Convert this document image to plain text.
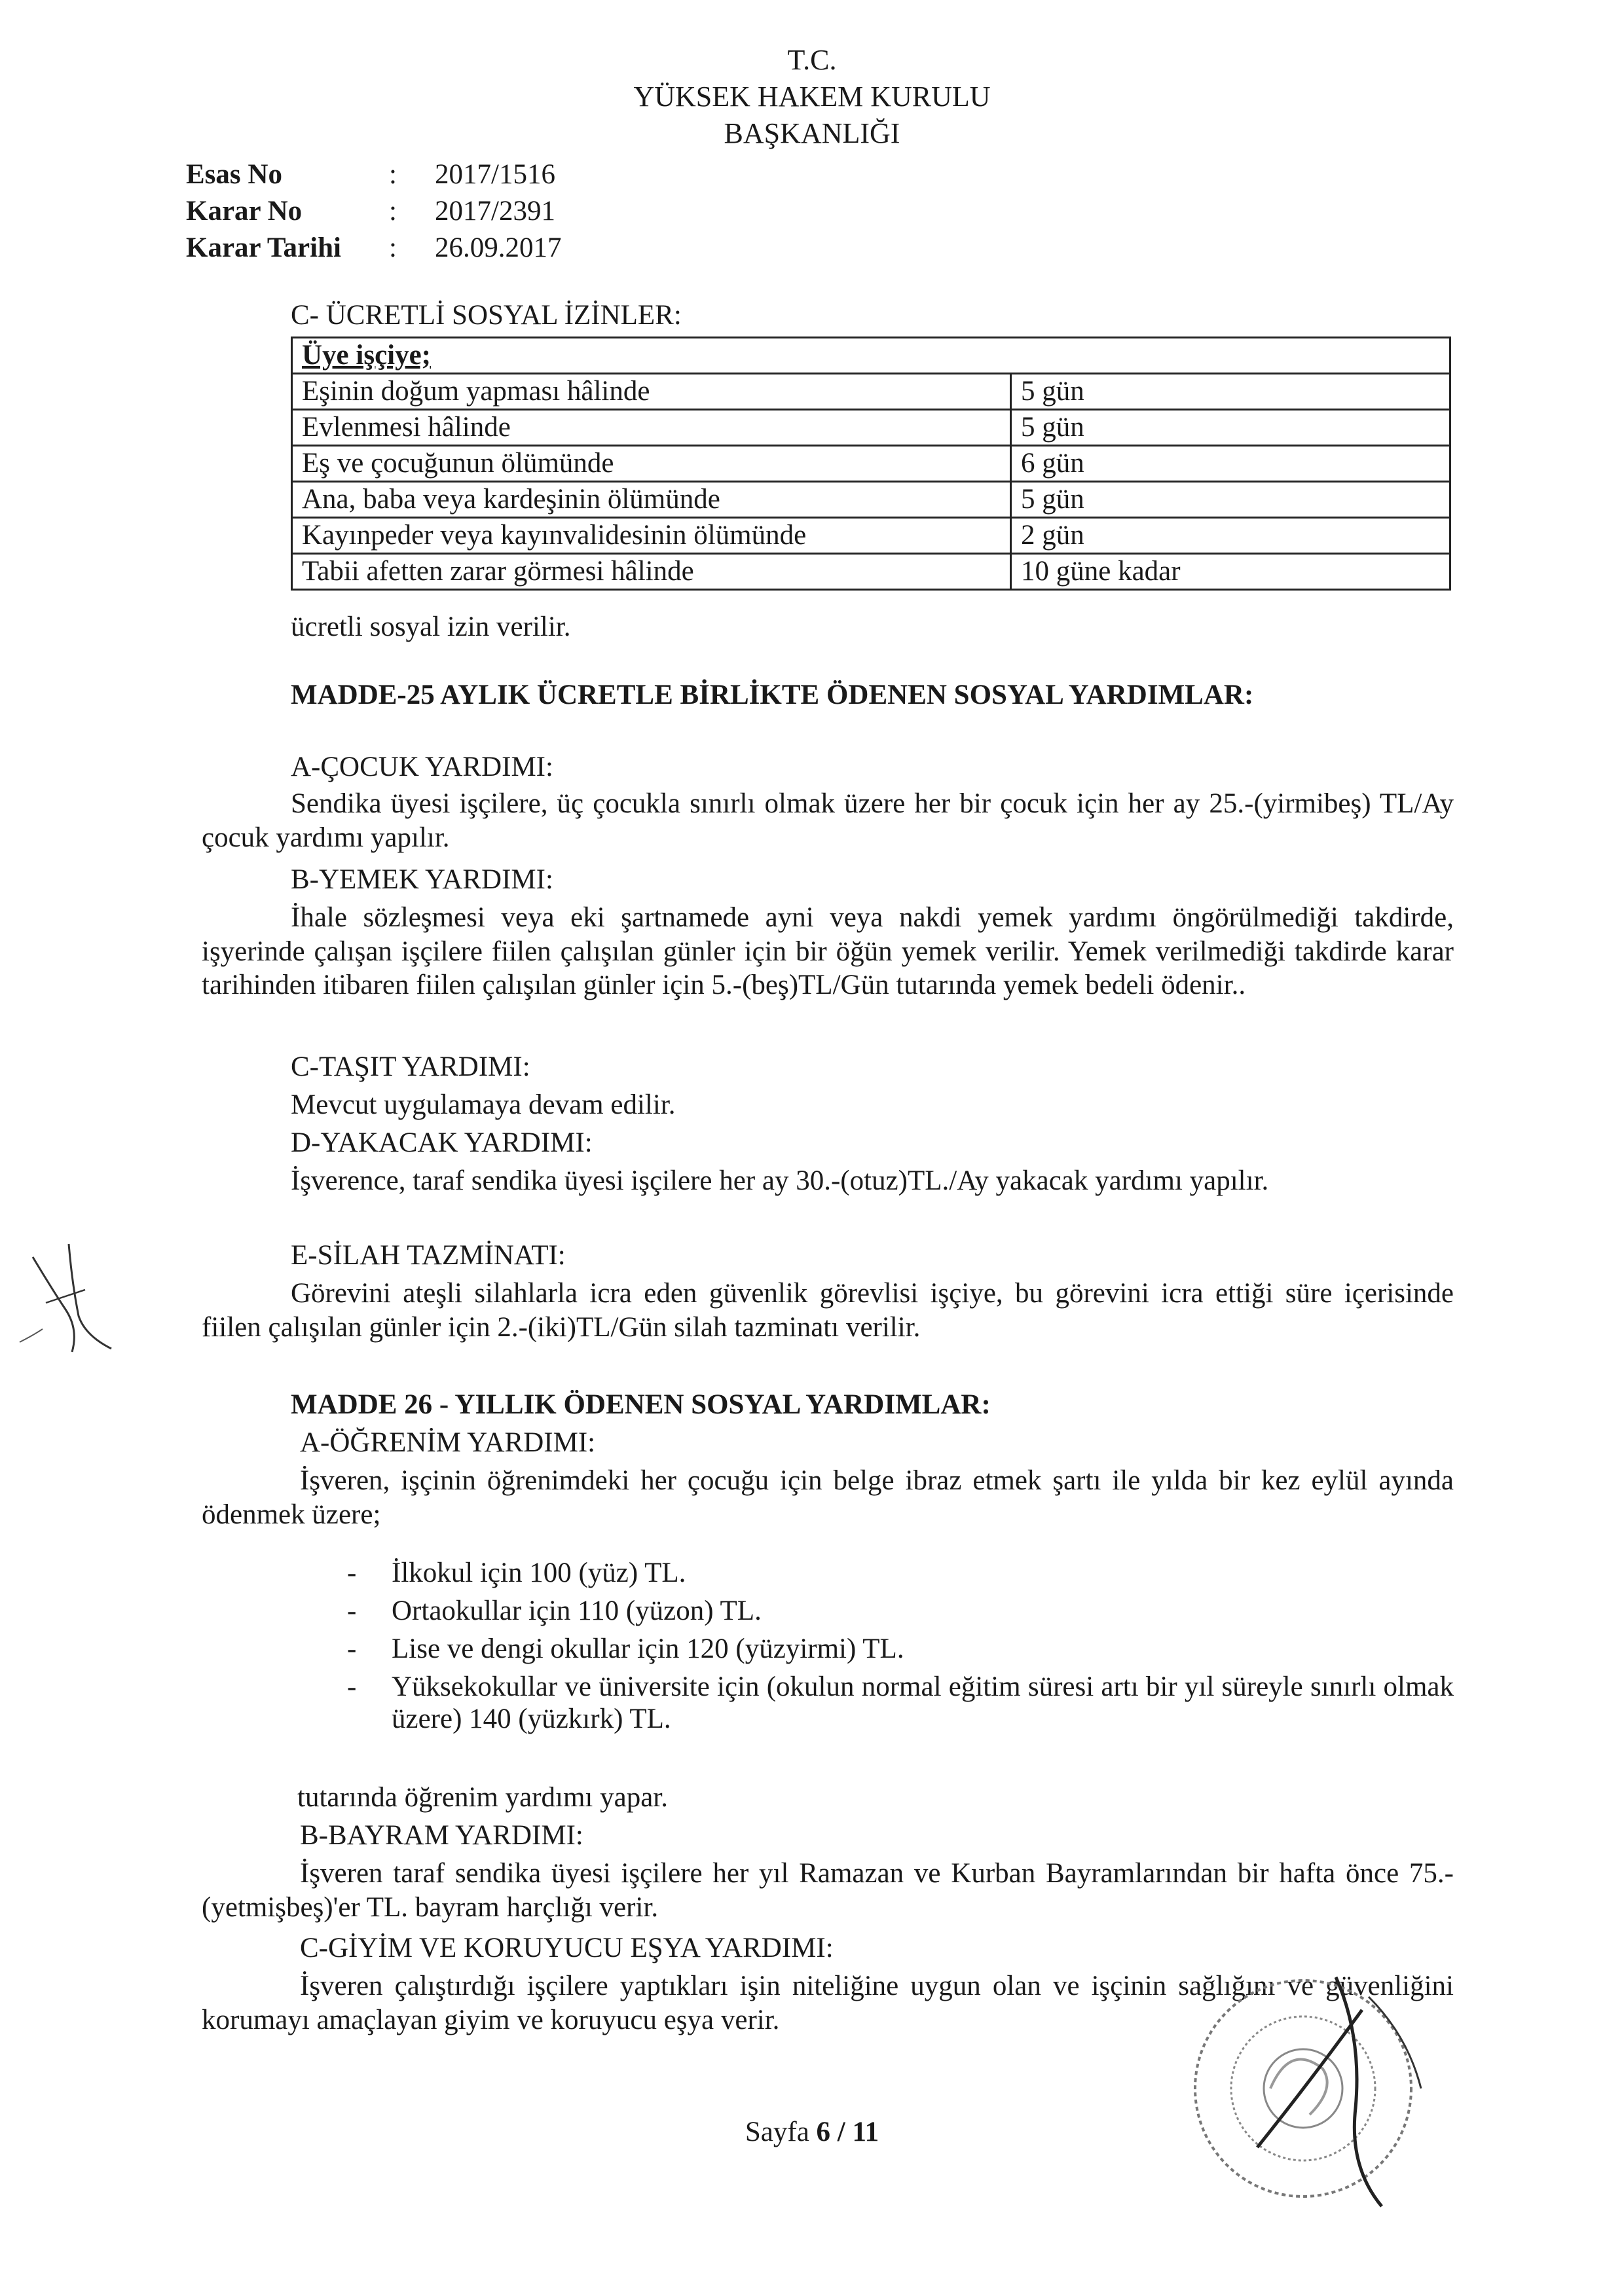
T.C.
YÜKSEK HAKEM KURULU
BAŞKANLIĞI
Esas No	: 2017/1516
Karar No	: 2017/2391
Karar Tarihi : 26.09.2017
C- ÜCRETLİ SOSYAL İZİNLER:
Üye işçiye;	
Eşinin doğum yapması hâlinde	5 gün
Evlenmesi hâlinde	5 gün
Eş ve çocuğunun ölümünde	6 gün
Ana, baba veya kardeşinin ölümünde	5 gün
Kayınpeder veya kayınvalidesinin ölümünde	2 gün
Tabii afetten zarar görmesi hâlinde	10 güne kadar
ücretli sosyal izin verilir.
MADDE-25 AYLIK ÜCRETLE BİRLİKTE ÖDENEN SOSYAL YARDIMLAR:
A-ÇOCUK YARDIMI:
Sendika üyesi işçilere, üç çocukla sınırlı olmak üzere her bir çocuk için her ay 25.-(yirmibeş) TL/Ay çocuk yardımı yapılır.
B-YEMEK YARDIMI:
İhale sözleşmesi veya eki şartnamede ayni veya nakdi yemek yardımı öngörülmediği takdirde, işyerinde çalışan işçilere fiilen çalışılan günler için bir öğün yemek verilir. Yemek verilmediği takdirde karar tarihinden itibaren fiilen çalışılan günler için 5.-(beş)TL/Gün tutarında yemek bedeli ödenir..
C-TAŞIT YARDIMI:
Mevcut uygulamaya devam edilir.
D-YAKACAK YARDIMI:
İşverence, taraf sendika üyesi işçilere her ay 30.-(otuz)TL./Ay yakacak yardımı yapılır.
E-SİLAH TAZMİNATI:
Görevini ateşli silahlarla icra eden güvenlik görevlisi işçiye, bu görevini icra ettiği süre içerisinde fiilen çalışılan günler için 2.-(iki)TL/Gün silah tazminatı verilir.
MADDE 26 - YILLIK ÖDENEN SOSYAL YARDIMLAR:
A-ÖĞRENİM YARDIMI:
İşveren, işçinin öğrenimdeki her çocuğu için belge ibraz etmek şartı ile yılda bir kez eylül ayında ödenmek üzere;
- İlkokul için 100 (yüz) TL.
- Ortaokullar için 110 (yüzon) TL.
- Lise ve dengi okullar için 120 (yüzyirmi) TL.
- Yüksekokullar ve üniversite için (okulun normal eğitim süresi artı bir yıl süreyle sınırlı olmak üzere) 140 (yüzkırk) TL.
tutarında öğrenim yardımı yapar.
B-BAYRAM YARDIMI:
İşveren taraf sendika üyesi işçilere her yıl Ramazan ve Kurban Bayramlarından bir hafta önce 75.-(yetmişbeş)'er TL. bayram harçlığı verir.
C-GİYİM VE KORUYUCU EŞYA YARDIMI:
İşveren çalıştırdığı işçilere yaptıkları işin niteliğine uygun olan ve işçinin sağlığını ve güvenliğini korumayı amaçlayan giyim ve koruyucu eşya verir.
Sayfa 6 / 11
